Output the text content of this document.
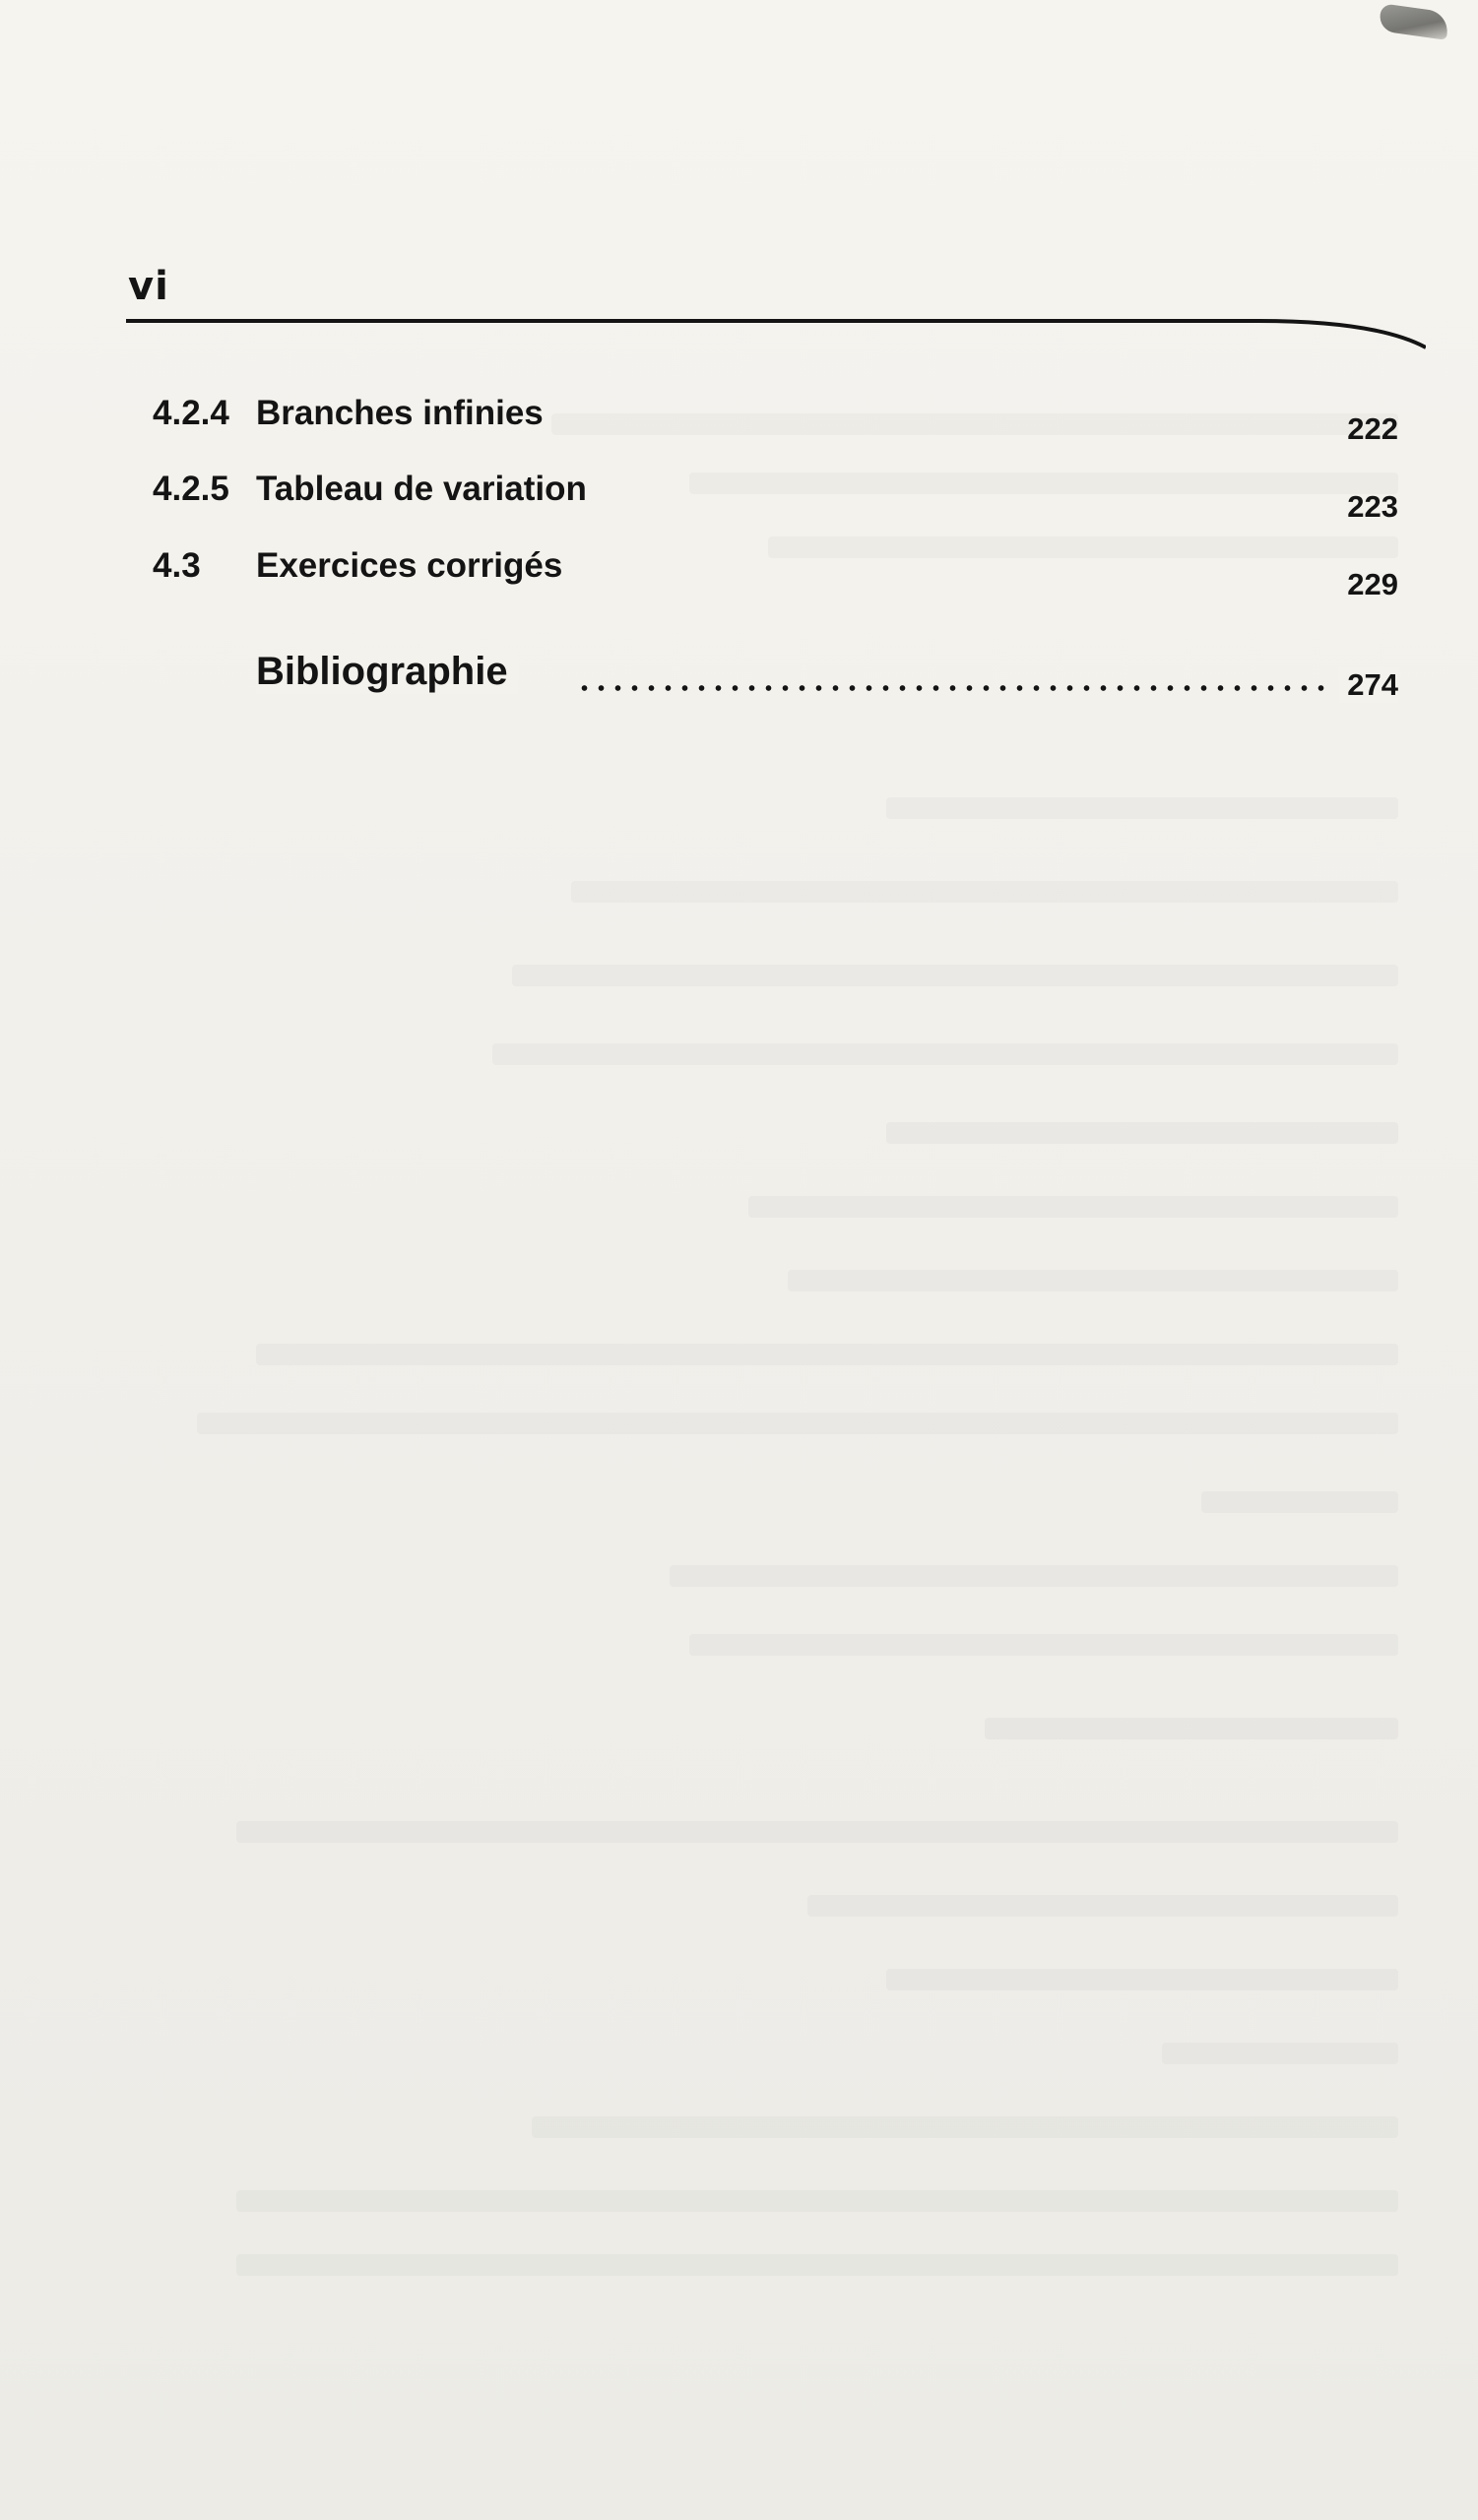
vi
4.2.4 Branches infinies	222
4.2.5 Tableau de variation	223
4.3 Exercices corrigés	229
Bibliographie	274
